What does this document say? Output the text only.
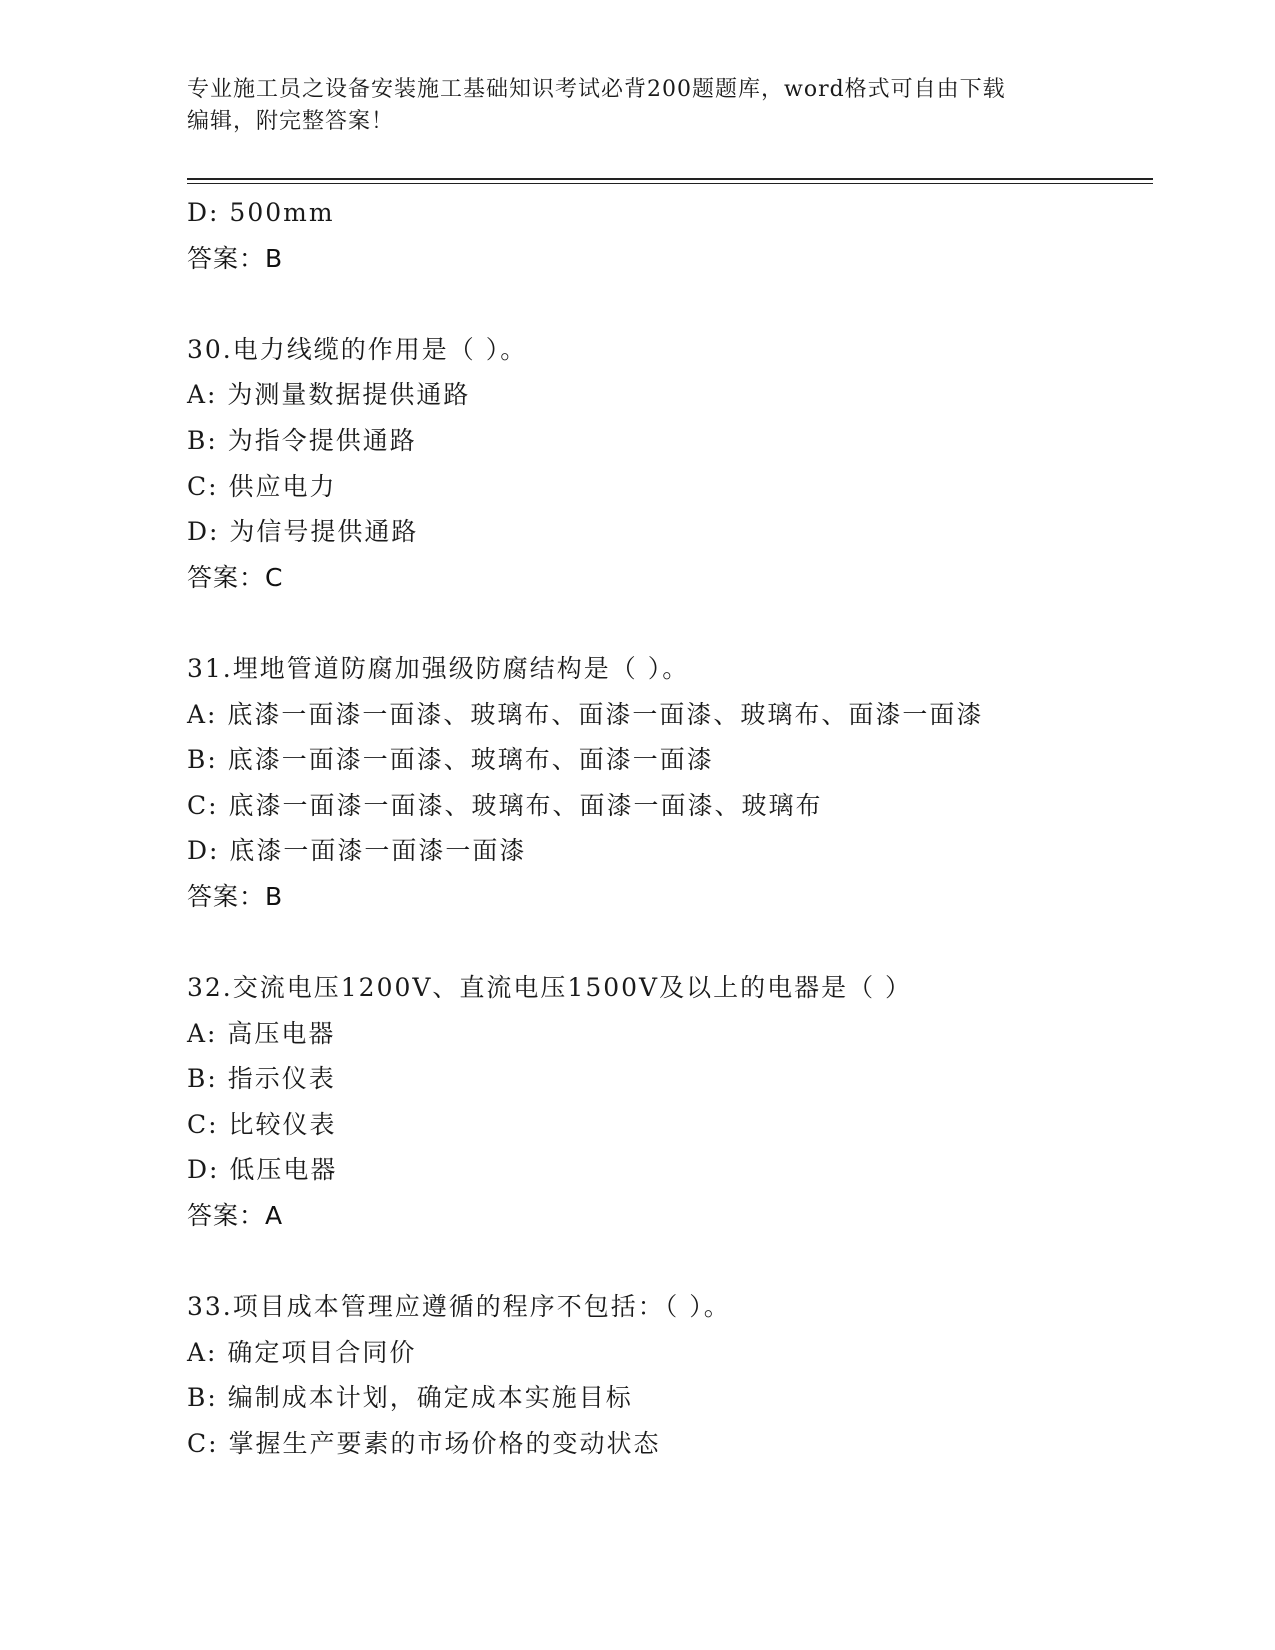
专业施工员之设备安装施工基础知识考试必背200题题库，word格式可自由下载
编辑，附完整答案！
D: 500mm
答案：B
30.电力线缆的作用是（ ）。
A: 为测量数据提供通路
B: 为指令提供通路
C: 供应电力
D: 为信号提供通路
答案：C
31.埋地管道防腐加强级防腐结构是（ ）。
A: 底漆一面漆一面漆、玻璃布、面漆一面漆、玻璃布、面漆一面漆
B: 底漆一面漆一面漆、玻璃布、面漆一面漆
C: 底漆一面漆一面漆、玻璃布、面漆一面漆、玻璃布
D: 底漆一面漆一面漆一面漆
答案：B
32.交流电压1200V、直流电压1500V及以上的电器是（ ）
A: 高压电器
B: 指示仪表
C: 比较仪表
D: 低压电器
答案：A
33.项目成本管理应遵循的程序不包括：（ ）。
A: 确定项目合同价
B: 编制成本计划，确定成本实施目标
C: 掌握生产要素的市场价格的变动状态
